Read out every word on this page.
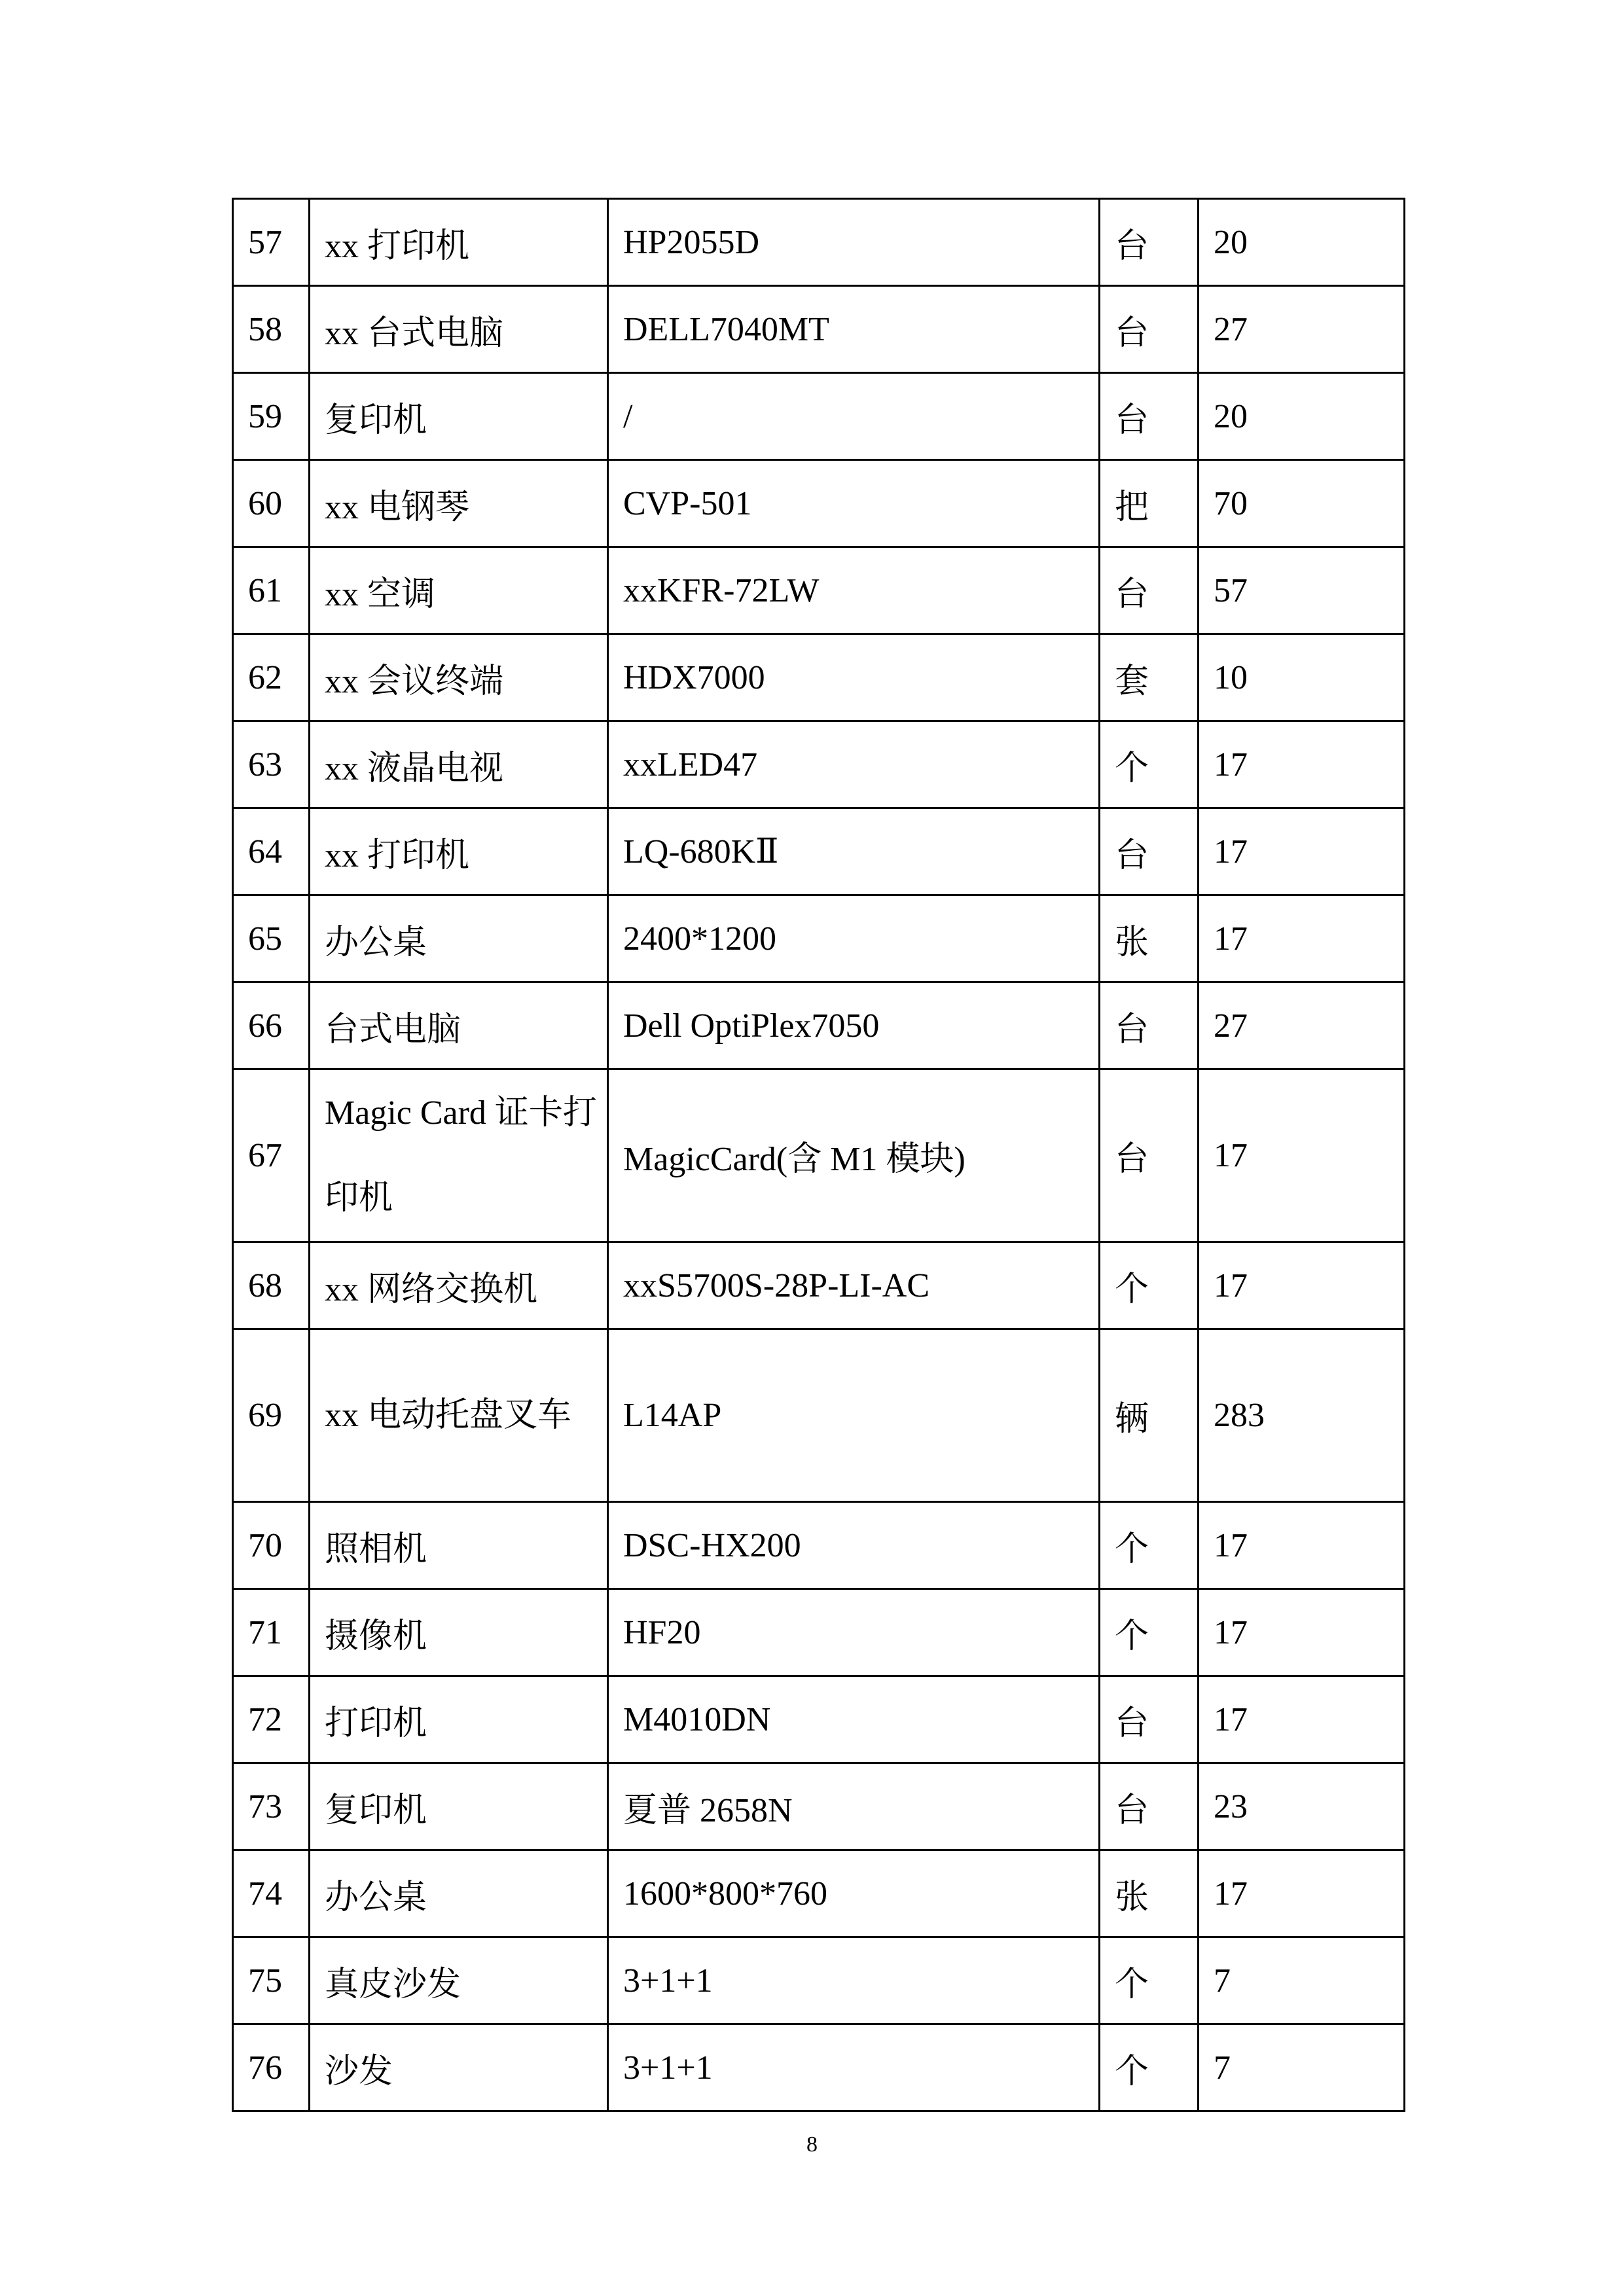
57	xx 打印机	HP2055D	台	20
58	xx 台式电脑	DELL7040MT	台	27
59	复印机	/	台	20
60	xx 电钢琴	CVP-501	把	70
61	xx 空调	xxKFR-72LW	台	57
62	xx 会议终端	HDX7000	套	10
63	xx 液晶电视	xxLED47	个	17
64	xx 打印机	LQ-680KⅡ	台	17
65	办公桌	2400*1200	张	17
66	台式电脑	Dell OptiPlex7050	台	27
67	Magic Card 证卡打印机	MagicCard(含 M1 模块)	台	17
68	xx 网络交换机	xxS5700S-28P-LI-AC	个	17
69	xx 电动托盘叉车	L14AP	辆	283
70	照相机	DSC-HX200	个	17
71	摄像机	HF20	个	17
72	打印机	M4010DN	台	17
73	复印机	夏普 2658N	台	23
74	办公桌	1600*800*760	张	17
75	真皮沙发	3+1+1	个	7
76	沙发	3+1+1	个	7
8
